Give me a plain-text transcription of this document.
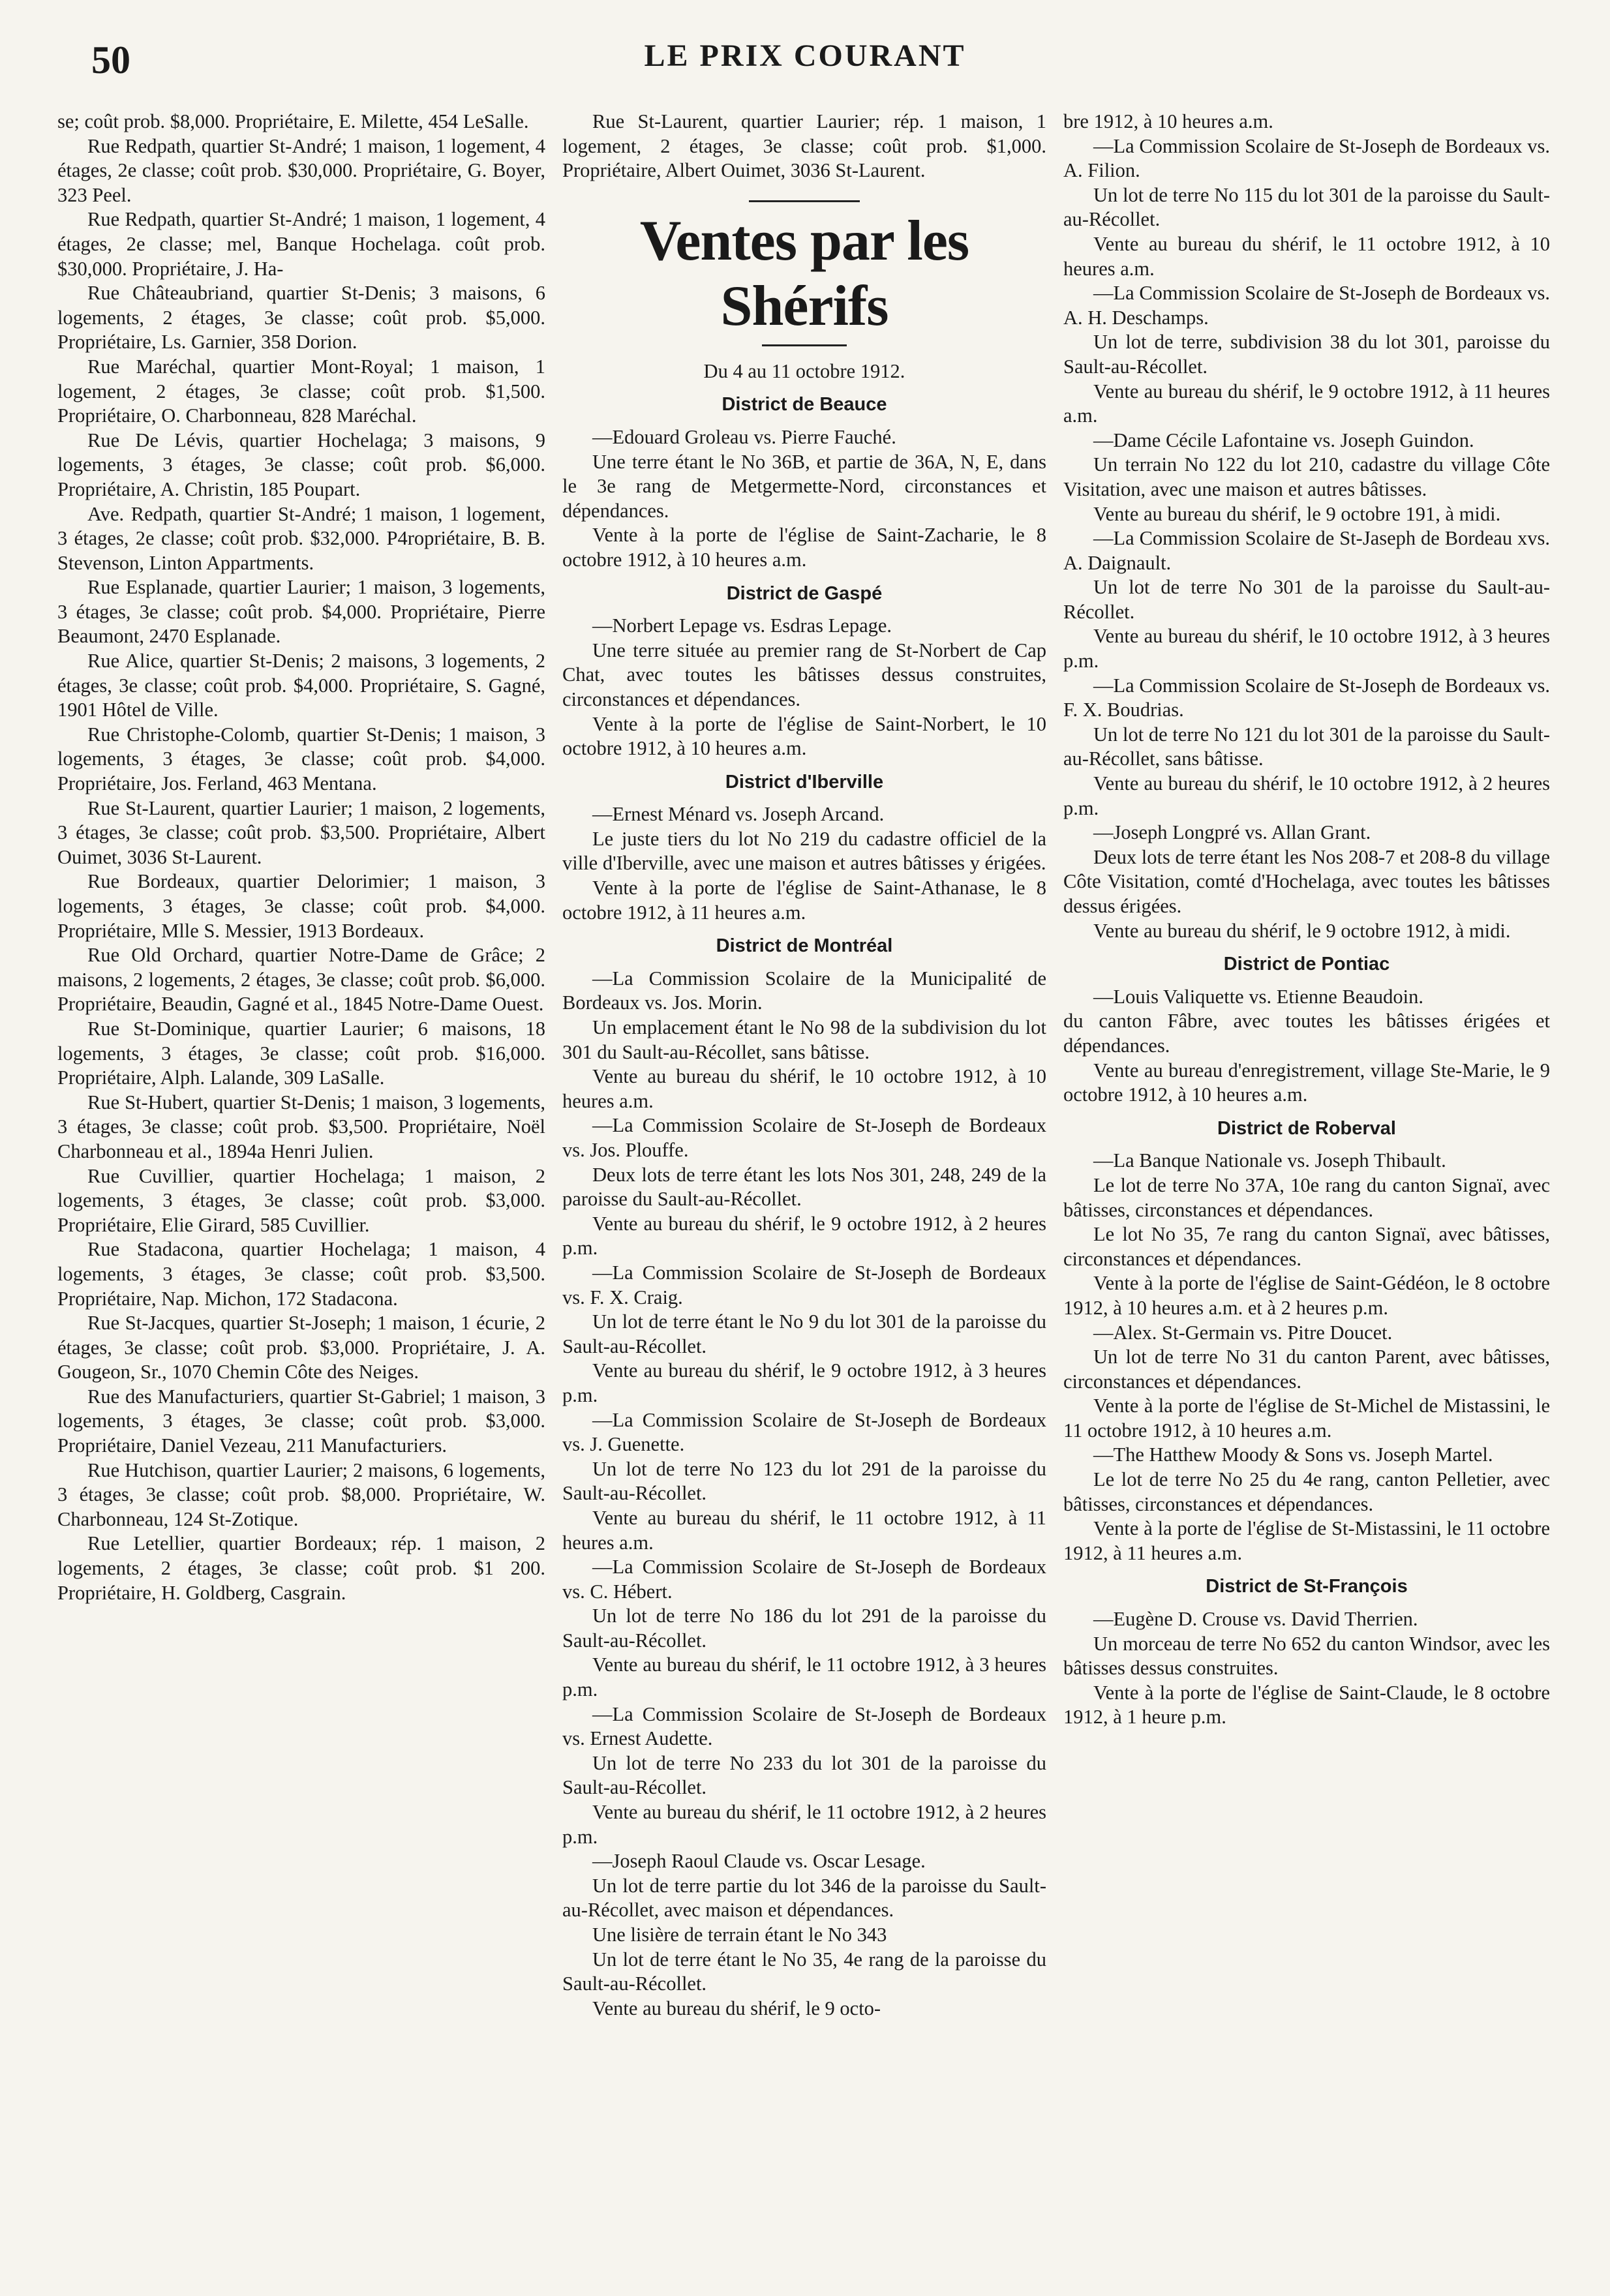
50	LE PRIX COURANT

se; coût prob. $8,000. Propriétaire, E. Milette, 454 LeSalle.

Rue Redpath, quartier St-André; 1 maison, 1 logement, 4 étages, 2e classe; coût prob. $30,000. Propriétaire, G. Boyer, 323 Peel.

Rue Redpath, quartier St-André; 1 maison, 1 logement, 4 étages, 2e classe; mel, Banque Hochelaga. coût prob. $30,000. Propriétaire, J. Ha-

Rue Châteaubriand, quartier St-Denis; 3 maisons, 6 logements, 2 étages, 3e classe; coût prob. $5,000. Propriétaire, Ls. Garnier, 358 Dorion.

Rue Maréchal, quartier Mont-Royal; 1 maison, 1 logement, 2 étages, 3e classe; coût prob. $1,500. Propriétaire, O. Charbonneau, 828 Maréchal.

Rue De Lévis, quartier Hochelaga; 3 maisons, 9 logements, 3 étages, 3e classe; coût prob. $6,000. Propriétaire, A. Christin, 185 Poupart.

Ave. Redpath, quartier St-André; 1 maison, 1 logement, 3 étages, 2e classe; coût prob. $32,000. P4ropriétaire, B. B. Stevenson, Linton Appartments.

Rue Esplanade, quartier Laurier; 1 maison, 3 logements, 3 étages, 3e classe; coût prob. $4,000. Propriétaire, Pierre Beaumont, 2470 Esplanade.

Rue Alice, quartier St-Denis; 2 maisons, 3 logements, 2 étages, 3e classe; coût prob. $4,000. Propriétaire, S. Gagné, 1901 Hôtel de Ville.

Rue Christophe-Colomb, quartier St-Denis; 1 maison, 3 logements, 3 étages, 3e classe; coût prob. $4,000. Propriétaire, Jos. Ferland, 463 Mentana.

Rue St-Laurent, quartier Laurier; 1 maison, 2 logements, 3 étages, 3e classe; coût prob. $3,500. Propriétaire, Albert Ouimet, 3036 St-Laurent.

Rue Bordeaux, quartier Delorimier; 1 maison, 3 logements, 3 étages, 3e classe; coût prob. $4,000. Propriétaire, Mlle S. Messier, 1913 Bordeaux.

Rue Old Orchard, quartier Notre-Dame de Grâce; 2 maisons, 2 logements, 2 étages, 3e classe; coût prob. $6,000. Propriétaire, Beaudin, Gagné et al., 1845 Notre-Dame Ouest.

Rue St-Dominique, quartier Laurier; 6 maisons, 18 logements, 3 étages, 3e classe; coût prob. $16,000. Propriétaire, Alph. Lalande, 309 LaSalle.

Rue St-Hubert, quartier St-Denis; 1 maison, 3 logements, 3 étages, 3e classe; coût prob. $3,500. Propriétaire, Noël Charbonneau et al., 1894a Henri Julien.

Rue Cuvillier, quartier Hochelaga; 1 maison, 2 logements, 3 étages, 3e classe; coût prob. $3,000. Propriétaire, Elie Girard, 585 Cuvillier.

Rue Stadacona, quartier Hochelaga; 1 maison, 4 logements, 3 étages, 3e classe; coût prob. $3,500. Propriétaire, Nap. Michon, 172 Stadacona.

Rue St-Jacques, quartier St-Joseph; 1 maison, 1 écurie, 2 étages, 3e classe; coût prob. $3,000. Propriétaire, J. A. Gougeon, Sr., 1070 Chemin Côte des Neiges.

Rue des Manufacturiers, quartier St-Gabriel; 1 maison, 3 logements, 3 étages, 3e classe; coût prob. $3,000. Propriétaire, Daniel Vezeau, 211 Manufacturiers.

Rue Hutchison, quartier Laurier; 2 maisons, 6 logements, 3 étages, 3e classe; coût prob. $8,000. Propriétaire, W. Charbonneau, 124 St-Zotique.

Rue Letellier, quartier Bordeaux; rép. 1 maison, 2 logements, 2 étages, 3e classe; coût prob. $1 200. Propriétaire, H. Goldberg, Casgrain.

Rue St-Laurent, quartier Laurier; rép. 1 maison, 1 logement, 2 étages, 3e classe; coût prob. $1,000. Propriétaire, Albert Ouimet, 3036 St-Laurent.

Ventes par les Shérifs

Du 4 au 11 octobre 1912.

District de Beauce

—Edouard Groleau vs. Pierre Fauché.

Une terre étant le No 36B, et partie de 36A, N, E, dans le 3e rang de Metgermette-Nord, circonstances et dépendances.

Vente à la porte de l'église de Saint-Zacharie, le 8 octobre 1912, à 10 heures a.m.

District de Gaspé

—Norbert Lepage vs. Esdras Lepage.

Une terre située au premier rang de St-Norbert de Cap Chat, avec toutes les bâtisses dessus construites, circonstances et dépendances.

Vente à la porte de l'église de Saint-Norbert, le 10 octobre 1912, à 10 heures a.m.

District d'Iberville

—Ernest Ménard vs. Joseph Arcand.

Le juste tiers du lot No 219 du cadastre officiel de la ville d'Iberville, avec une maison et autres bâtisses y érigées.

Vente à la porte de l'église de Saint-Athanase, le 8 octobre 1912, à 11 heures a.m.

District de Montréal

—La Commission Scolaire de la Municipalité de Bordeaux vs. Jos. Morin.

Un emplacement étant le No 98 de la subdivision du lot 301 du Sault-au-Récollet, sans bâtisse.

Vente au bureau du shérif, le 10 octobre 1912, à 10 heures a.m.

—La Commission Scolaire de St-Joseph de Bordeaux vs. Jos. Plouffe.

Deux lots de terre étant les lots Nos 301, 248, 249 de la paroisse du Sault-au-Récollet.

Vente au bureau du shérif, le 9 octobre 1912, à 2 heures p.m.

—La Commission Scolaire de St-Joseph de Bordeaux vs. F. X. Craig.

Un lot de terre étant le No 9 du lot 301 de la paroisse du Sault-au-Récollet.

Vente au bureau du shérif, le 9 octobre 1912, à 3 heures p.m.

—La Commission Scolaire de St-Joseph de Bordeaux vs. J. Guenette.

Un lot de terre No 123 du lot 291 de la paroisse du Sault-au-Récollet.

Vente au bureau du shérif, le 11 octobre 1912, à 11 heures a.m.

—La Commission Scolaire de St-Joseph de Bordeaux vs. C. Hébert.

Un lot de terre No 186 du lot 291 de la paroisse du Sault-au-Récollet.

Vente au bureau du shérif, le 11 octobre 1912, à 3 heures p.m.

—La Commission Scolaire de St-Joseph de Bordeaux vs. Ernest Audette.

Un lot de terre No 233 du lot 301 de la paroisse du Sault-au-Récollet.

Vente au bureau du shérif, le 11 octobre 1912, à 2 heures p.m.

—Joseph Raoul Claude vs. Oscar Lesage.

Un lot de terre partie du lot 346 de la paroisse du Sault-au-Récollet, avec maison et dépendances.

Une lisière de terrain étant le No 343

Un lot de terre étant le No 35, 4e rang de la paroisse du Sault-au-Récollet.

Vente au bureau du shérif, le 9 octo-

bre 1912, à 10 heures a.m.

—La Commission Scolaire de St-Joseph de Bordeaux vs. A. Filion.

Un lot de terre No 115 du lot 301 de la paroisse du Sault-au-Récollet.

Vente au bureau du shérif, le 11 octobre 1912, à 10 heures a.m.

—La Commission Scolaire de St-Joseph de Bordeaux vs. A. H. Deschamps.

Un lot de terre, subdivision 38 du lot 301, paroisse du Sault-au-Récollet.

Vente au bureau du shérif, le 9 octobre 1912, à 11 heures a.m.

—Dame Cécile Lafontaine vs. Joseph Guindon.

Un terrain No 122 du lot 210, cadastre du village Côte Visitation, avec une maison et autres bâtisses.

Vente au bureau du shérif, le 9 octobre 191, à midi.

—La Commission Scolaire de St-Jaseph de Bordeau xvs. A. Daignault.

Un lot de terre No 301 de la paroisse du Sault-au-Récollet.

Vente au bureau du shérif, le 10 octobre 1912, à 3 heures p.m.

—La Commission Scolaire de St-Joseph de Bordeaux vs. F. X. Boudrias.

Un lot de terre No 121 du lot 301 de la paroisse du Sault-au-Récollet, sans bâtisse.

Vente au bureau du shérif, le 10 octobre 1912, à 2 heures p.m.

—Joseph Longpré vs. Allan Grant.

Deux lots de terre étant les Nos 208-7 et 208-8 du village Côte Visitation, comté d'Hochelaga, avec toutes les bâtisses dessus érigées.

Vente au bureau du shérif, le 9 octobre 1912, à midi.

District de Pontiac

—Louis Valiquette vs. Etienne Beaudoin.

du canton Fâbre, avec toutes les bâtisses érigées et dépendances.

Vente au bureau d'enregistrement, village Ste-Marie, le 9 octobre 1912, à 10 heures a.m.

District de Roberval

—La Banque Nationale vs. Joseph Thibault.

Le lot de terre No 37A, 10e rang du canton Signaï, avec bâtisses, circonstances et dépendances.

Le lot No 35, 7e rang du canton Signaï, avec bâtisses, circonstances et dépendances.

Vente à la porte de l'église de Saint-Gédéon, le 8 octobre 1912, à 10 heures a.m. et à 2 heures p.m.

—Alex. St-Germain vs. Pitre Doucet.

Un lot de terre No 31 du canton Parent, avec bâtisses, circonstances et dépendances.

Vente à la porte de l'église de St-Michel de Mistassini, le 11 octobre 1912, à 10 heures a.m.

—The Hatthew Moody & Sons vs. Joseph Martel.

Le lot de terre No 25 du 4e rang, canton Pelletier, avec bâtisses, circonstances et dépendances.

Vente à la porte de l'église de St-Mistassini, le 11 octobre 1912, à 11 heures a.m.

District de St-François

—Eugène D. Crouse vs. David Therrien.

Un morceau de terre No 652 du canton Windsor, avec les bâtisses dessus construites.

Vente à la porte de l'église de Saint-Claude, le 8 octobre 1912, à 1 heure p.m.
